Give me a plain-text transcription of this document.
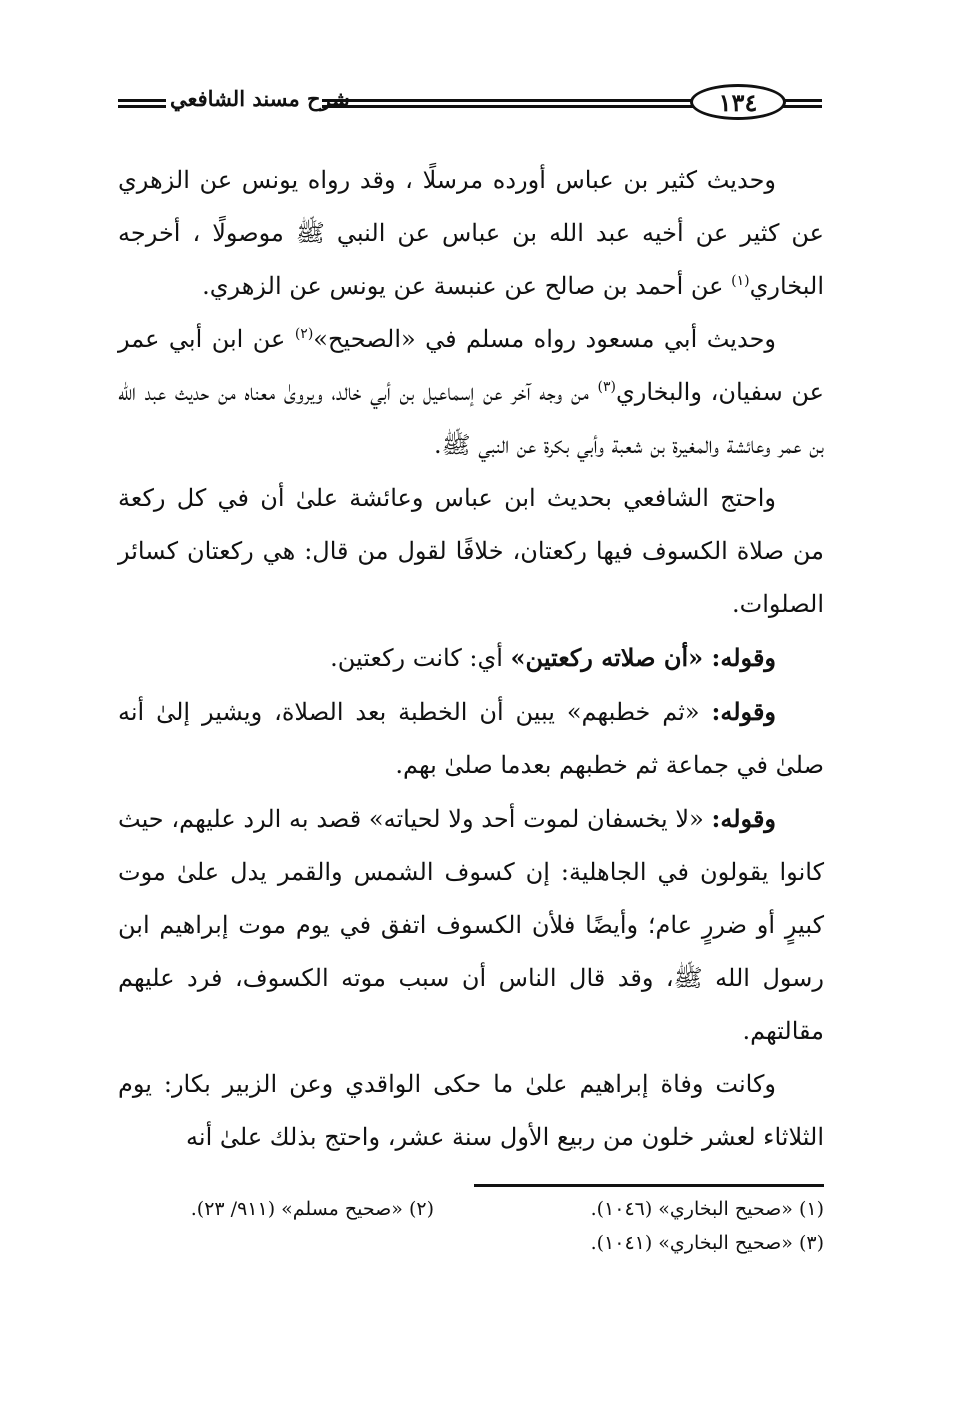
شرح مسند الشافعي	١٣٤

وحديث كثير بن عباس أورده مرسلًا ، وقد رواه يونس عن الزهري عن كثير عن أخيه عبد الله بن عباس عن النبي ﷺ موصولًا ، أخرجه البخاري$^{(١)}$ عن أحمد بن صالح عن عنبسة عن يونس عن الزهري.

وحديث أبي مسعود رواه مسلم في «الصحيح»$^{(٢)}$ عن ابن أبي عمر عن سفيان، والبخاري$^{(٣)}$ من وجه آخر عن إسماعيل بن أبي خالد، ويروىٰ معناه من حديث عبد الله بن عمر وعائشة والمغيرة بن شعبة وأبي بكرة عن النبي ﷺ.

واحتج الشافعي بحديث ابن عباس وعائشة علىٰ أن في كل ركعة من صلاة الكسوف فيها ركعتان، خلافًا لقول من قال: هي ركعتان كسائر الصلوات.

وقوله: «أن صلاته ركعتين» أي: كانت ركعتين.

وقوله: «ثم خطبهم» يبين أن الخطبة بعد الصلاة، ويشير إلىٰ أنه صلىٰ في جماعة ثم خطبهم بعدما صلىٰ بهم.

وقوله: «لا يخسفان لموت أحد ولا لحياته» قصد به الرد عليهم، حيث كانوا يقولون في الجاهلية: إن كسوف الشمس والقمر يدل علىٰ موت كبيرٍ أو ضررٍ عام؛ وأيضًا فلأن الكسوف اتفق في يوم موت إبراهيم ابن رسول الله ﷺ، وقد قال الناس أن سبب موته الكسوف، فرد عليهم مقالتهم.

وكانت وفاة إبراهيم علىٰ ما حكى الواقدي وعن الزبير بكار: يوم الثلاثاء لعشر خلون من ربيع الأول سنة عشر، واحتج بذلك علىٰ أنه

(١) «صحيح البخاري» (١٠٤٦).
(٢) «صحيح مسلم» (٩١١/ ٢٣).
(٣) «صحيح البخاري» (١٠٤١).
